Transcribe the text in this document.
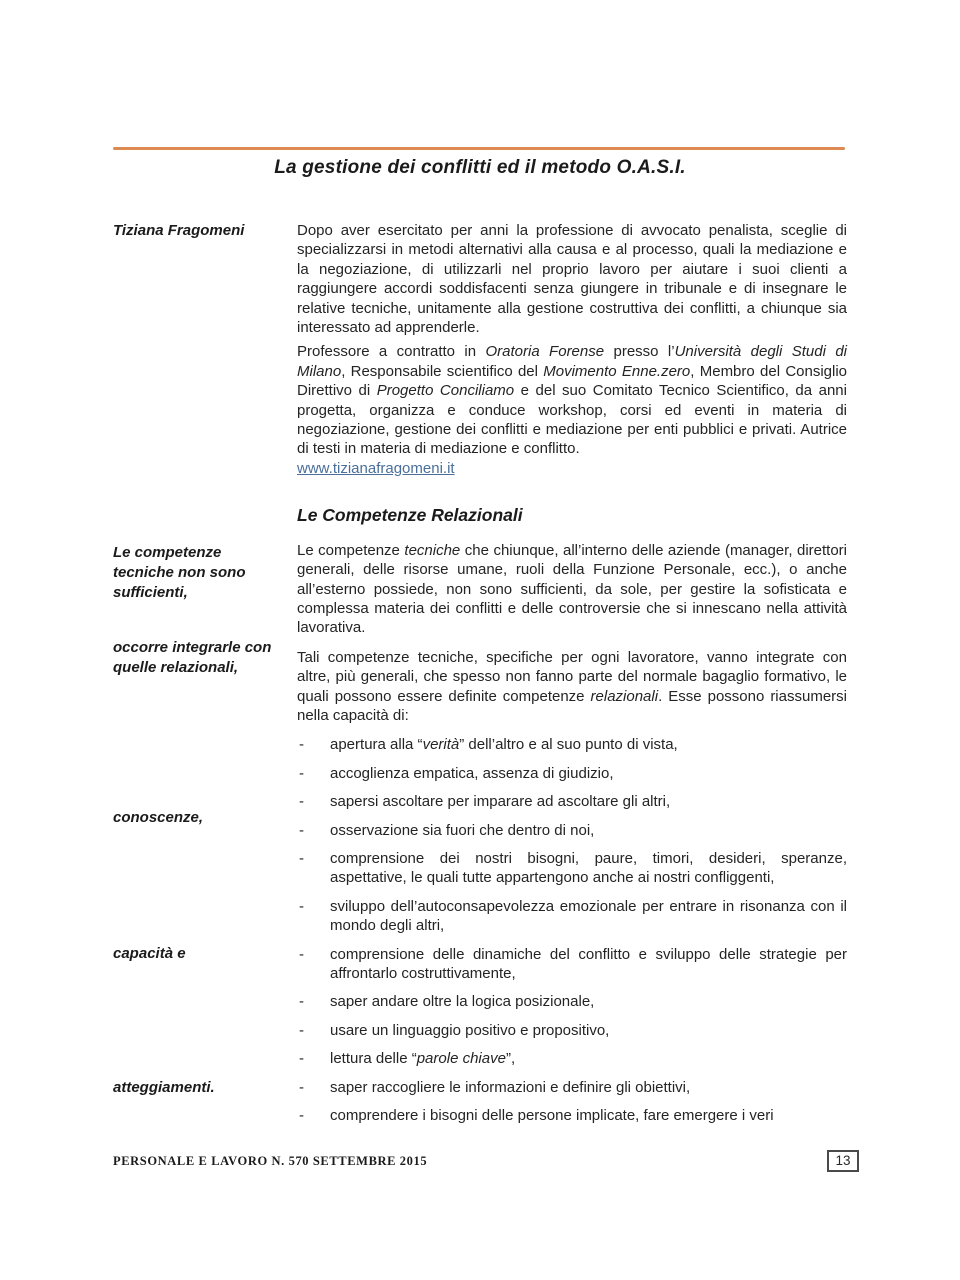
La gestione dei conflitti ed il metodo O.A.S.I.
Tiziana Fragomeni
Le competenze tecniche non sono sufficienti,
occorre integrarle con quelle relazionali,
conoscenze,
capacità e
atteggiamenti.

Dopo aver esercitato per anni la professione di avvocato penalista, sceglie di specializzarsi in metodi alternativi alla causa e al processo, quali la mediazione e la negoziazione, di utilizzarli nel proprio lavoro per aiutare i suoi clienti a raggiungere accordi soddisfacenti senza giungere in tribunale e di insegnare le relative tecniche, unitamente alla gestione costruttiva dei conflitti, a chiunque sia interessato ad apprenderle.

Professore a contratto in Oratoria Forense presso l’Università degli Studi di Milano, Responsabile scientifico del Movimento Enne.zero, Membro del Consiglio Direttivo di Progetto Conciliamo e del suo Comitato Tecnico Scientifico, da anni progetta, organizza e conduce workshop, corsi ed eventi in materia di negoziazione, gestione dei conflitti e mediazione per enti pubblici e privati. Autrice di testi in materia di mediazione e conflitto.

www.tizianafragomeni.it

Le Competenze Relazionali

Le competenze tecniche che chiunque, all’interno delle aziende (manager, direttori generali, delle risorse umane, ruoli della Funzione Personale, ecc.), o anche all’esterno possiede, non sono sufficienti, da sole, per gestire la sofisticata e complessa materia dei conflitti e delle controversie che si innescano nella attività lavorativa.

Tali competenze tecniche, specifiche per ogni lavoratore, vanno integrate con altre, più generali, che spesso non fanno parte del normale bagaglio formativo, le quali possono essere definite competenze relazionali. Esse possono riassumersi nella capacità di:

- apertura alla “verità” dell’altro e al suo punto di vista,
- accoglienza empatica, assenza di giudizio,
- sapersi ascoltare per imparare ad ascoltare gli altri,
- osservazione sia fuori che dentro di noi,
- comprensione dei nostri bisogni, paure, timori, desideri, speranze, aspettative, le quali tutte appartengono anche ai nostri confliggenti,
- sviluppo dell’autoconsapevolezza emozionale per entrare in risonanza con il mondo degli altri,
- comprensione delle dinamiche del conflitto e sviluppo delle strategie per affrontarlo costruttivamente,
- saper andare oltre la logica posizionale,
- usare un linguaggio positivo e propositivo,
- lettura delle “parole chiave”,
- saper raccogliere le informazioni e definire gli obiettivi,
- comprendere i bisogni delle persone implicate, fare emergere i veri
PERSONALE E LAVORO N. 570 SETTEMBRE 2015	13
